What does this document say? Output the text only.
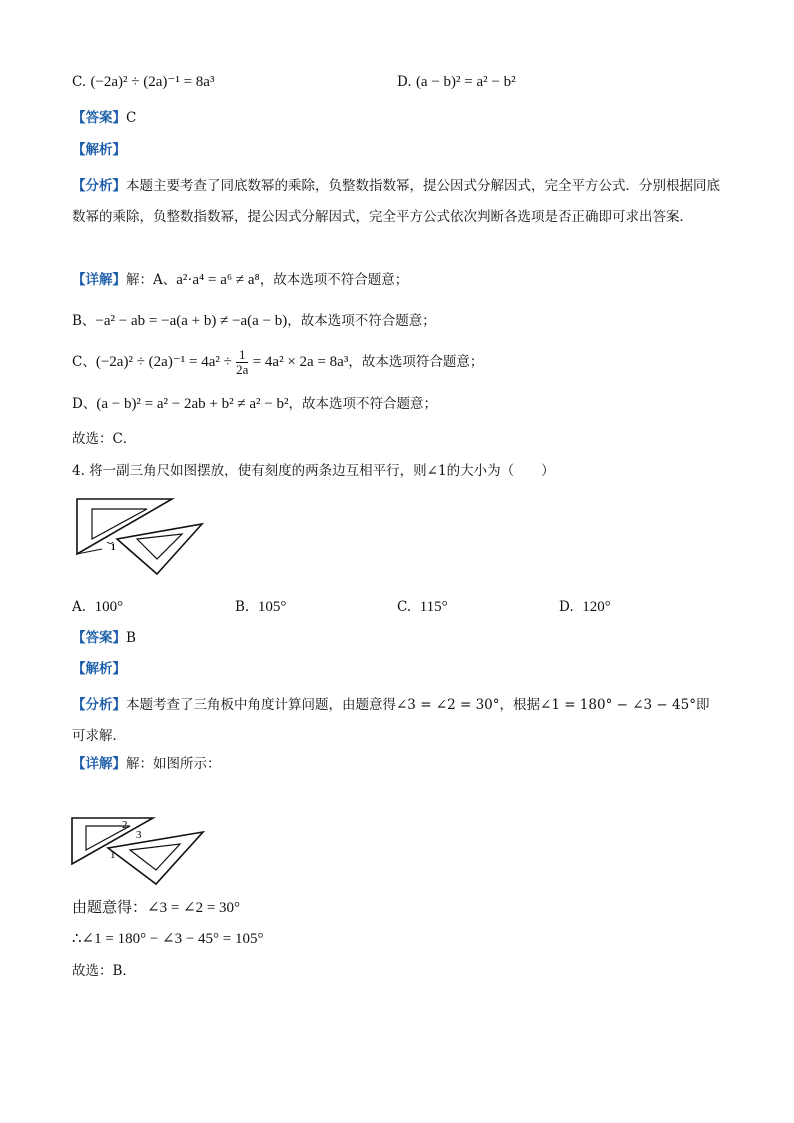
C. (−2a)² ÷ (2a)⁻¹ = 8a³	D. (a − b)² = a² − b²
【答案】C
【解析】
【分析】本题主要考查了同底数幂的乘除，负整数指数幂，提公因式分解因式，完全平方公式．分别根据同底数幂的乘除，负整数指数幂，提公因式分解因式，完全平方公式依次判断各选项是否正确即可求出答案．
【详解】解：A、a²·a⁴ = a⁶ ≠ a⁸，故本选项不符合题意；
B、−a² − ab = −a(a + b) ≠ −a(a − b)，故本选项不符合题意；
C、$(-2a)^2 \div (2a)^{-1} = 4a^2 \div \frac{1}{2a} = 4a^2 \times 2a = 8a^3$，故本选项符合题意；
D、(a − b)² = a² − 2ab + b² ≠ a² − b²，故本选项不符合题意；
故选：C．
4. 将一副三角尺如图摆放，使有刻度的两条边互相平行，则∠1的大小为（　　）
1
A. 100°	B. 105°	C. 115°	D. 120°
【答案】B
【解析】
【分析】本题考查了三角板中角度计算问题，由题意得∠3 = ∠2 = 30°，根据∠1 = 180° − ∠3 − 45°即可求解．
【详解】解：如图所示：
2
3
1
由题意得：∠3 = ∠2 = 30°
∴∠1 = 180° − ∠3 − 45° = 105°
故选：B．
